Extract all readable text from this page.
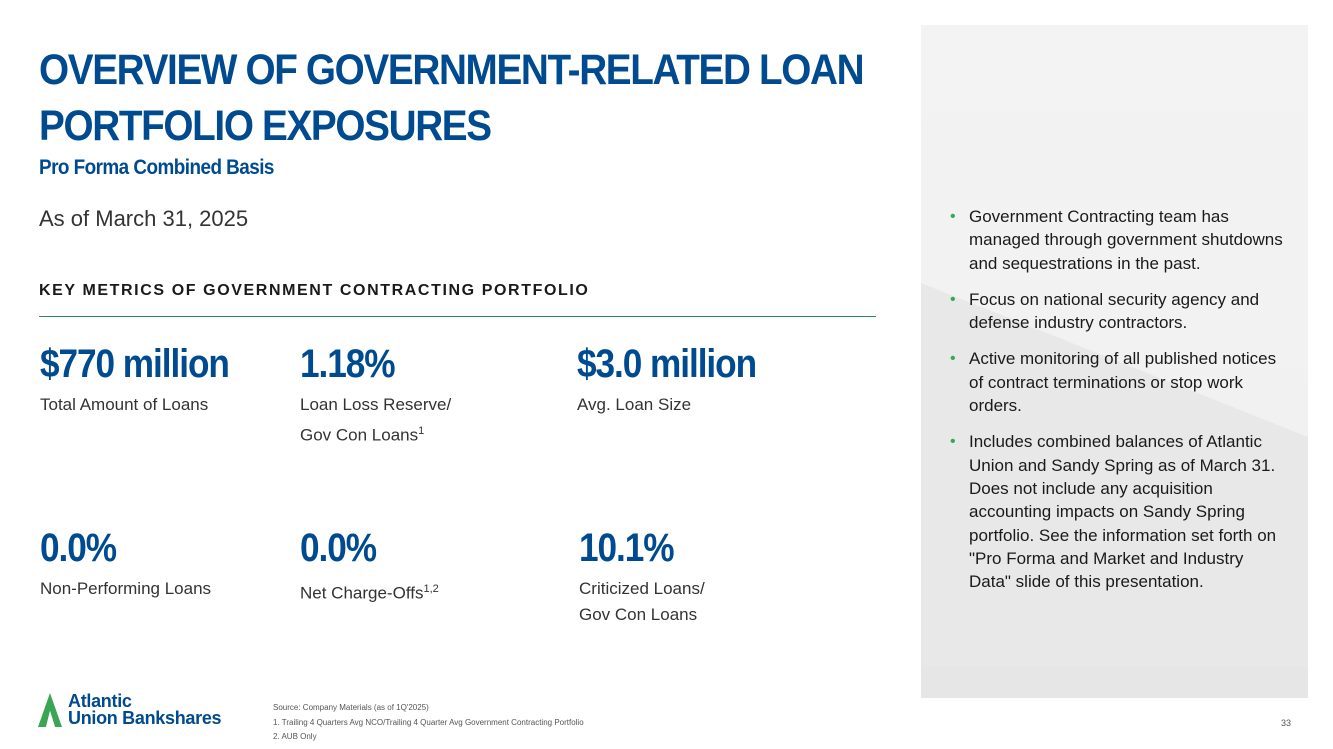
OVERVIEW OF GOVERNMENT-RELATED LOAN
PORTFOLIO EXPOSURES
Pro Forma Combined Basis
As of March 31, 2025
KEY METRICS OF GOVERNMENT CONTRACTING PORTFOLIO
$770 million
Total Amount of Loans
1.18%
Loan Loss Reserve/
Gov Con Loans$^1$
$3.0 million
Avg. Loan Size
0.0%
Non-Performing Loans
0.0%
Net Charge-Offs$^{1,2}$
10.1%
Criticized Loans/
Gov Con Loans
• Government Contracting team has managed through government shutdowns and sequestrations in the past.
• Focus on national security agency and defense industry contractors.
• Active monitoring of all published notices of contract terminations or stop work orders.
• Includes combined balances of Atlantic Union and Sandy Spring as of March 31. Does not include any acquisition accounting impacts on Sandy Spring portfolio. See the information set forth on "Pro Forma and Market and Industry Data" slide of this presentation.
Atlantic
Union Bankshares
Source: Company Materials (as of 1Q'2025)
1. Trailing 4 Quarters Avg NCO/Trailing 4 Quarter Avg Government Contracting Portfolio
2. AUB Only
33
